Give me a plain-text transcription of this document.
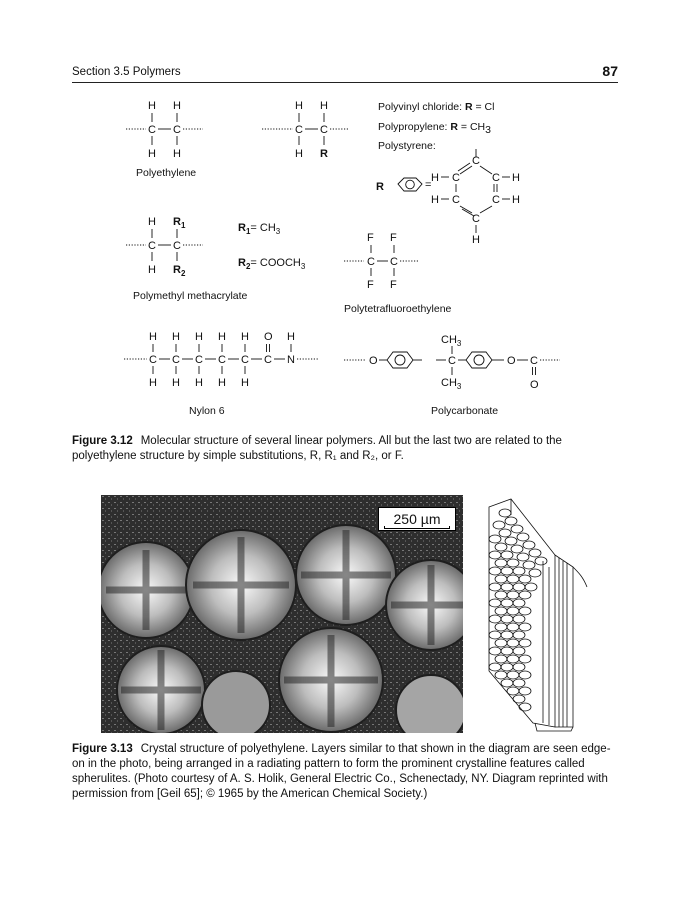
Section 3.5 Polymers	87
H H
C C
H H
Polyethylene
H H
C C
H R
Polyvinyl chloride: R = Cl
Polypropylene: R = CH3
Polystyrene:
R	=
C
H C	C H
H C	C H
C
H
H $R_1$
C C
H $R_2$
$R_1= CH_3$
$R_2=$ $COOCH_3$
Polymethyl methacrylate
F F
C C
F F
Polytetrafluoroethylene
H H H H H O H
C C C C C C N
H H H H H
Nylon 6
O
$CH_3$
C
$CH_3$
O C
O
Polycarbonate
Figure 3.12 Molecular structure of several linear polymers. All but the last two are related to the polyethylene structure by simple substitutions, R, R₁ and R₂, or F.
250 µm
Figure 3.13 Crystal structure of polyethylene. Layers similar to that shown in the diagram are seen edge-on in the photo, being arranged in a radiating pattern to form the prominent crystalline features called spherulites. (Photo courtesy of A. S. Holik, General Electric Co., Schenectady, NY. Diagram reprinted with permission from [Geil 65]; © 1965 by the American Chemical Society.)
